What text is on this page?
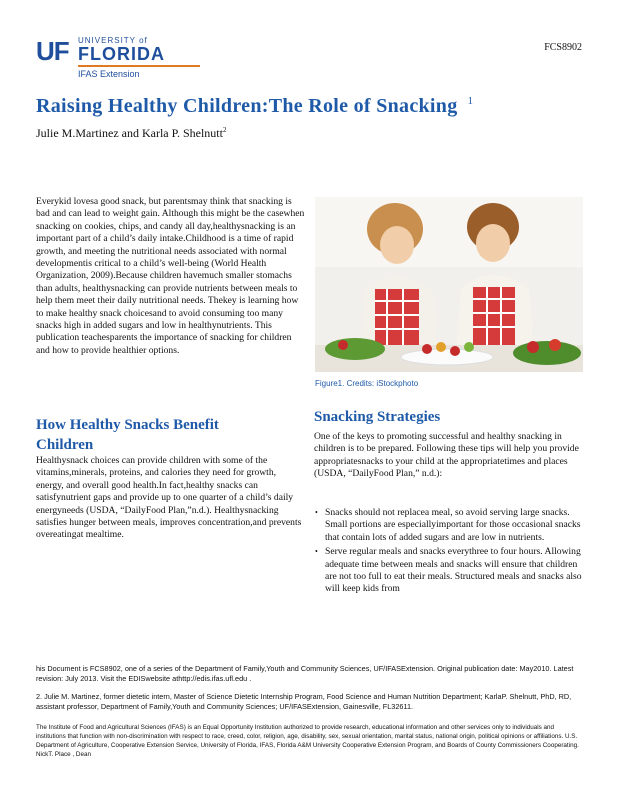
UF UNIVERSITY of
FLORIDA
IFAS Extension
FCS8902
Raising Healthy Children:The Role of Snacking $^1$
Julie M.Martinez and Karla P. Shelnutt$^2$
Everykid lovesa good snack, but parentsmay think that snacking is bad and can lead to weight gain. Although this might be the casewhen snacking on cookies, chips, and candy all day,healthysnacking is an important part of a child’s daily intake.Childhood is a time of rapid growth, and meeting the nutritional needs associated with normal developmentis critical to a child’s well-being (World Health Organization, 2009).Because children havemuch smaller stomachs than adults, healthysnacking can provide nutrients between meals to help them meet their daily nutritional needs. Thekey is learning how to make healthy snack choicesand to avoid consuming too many snacks high in added sugars and low in healthynutrients. This publication teachesparents the importance of snacking for children and how to provide healthier options.
How Healthy Snacks Benefit Children
Healthysnack choices can provide children with some of the vitamins,minerals, proteins, and calories they need for growth, energy, and overall good health.In fact,healthy snacks can satisfynutrient gaps and provide up to one quarter of a child’s daily energyneeds (USDA, “DailyFood Plan,”n.d.). Healthysnacking satisfies hunger between meals, improves concentration,and prevents overeatingat mealtime.
Figure1. Credits: iStockphoto
Snacking Strategies
One of the keys to promoting successful and healthy snacking in children is to be prepared. Following these tips will help you provide appropriatesnacks to your child at the appropriatetimes and places (USDA, “DailyFood Plan,” n.d.):
• Snacks should not replacea meal, so avoid serving large snacks. Small portions are especiallyimportant for those occasional snacks that contain lots of added sugars and are low in nutrients.
• Serve regular meals and snacks everythree to four hours. Allowing adequate time between meals and snacks will ensure that children are not too full to eat their meals. Structured meals and snacks also will keep kids from
his Document is FCS8902, one of a series of the Department of Family,Youth and Community Sciences, UF/IFASExtension. Original publication date: May2010. Latest revision: July 2013. Visit the EDISwebsite athttp://edis.ifas.ufl.edu .
2. Julie M. Martinez, former dietetic intern, Master of Science Dietetic Internship Program, Food Science and Human Nutrition Department; KarlaP. Shelnutt, PhD, RD, assistant professor, Department of Family,Youth and Community Sciences; UF/IFASExtension, Gainesville, FL32611.
The Institute of Food and Agricultural Sciences (IFAS) is an Equal Opportunity Institution authorized to provide research, educational information and other services only to individuals and institutions that function with non-discrimination with respect to race, creed, color, religion, age, disability, sex, sexual orientation, marital status, national origin, political opinions or affiliations. U.S. Department of Agriculture, Cooperative Extension Service, University of Florida, IFAS, Florida A&M University Cooperative Extension Program, and Boards of County Commissioners Cooperating. NickT. Place , Dean
